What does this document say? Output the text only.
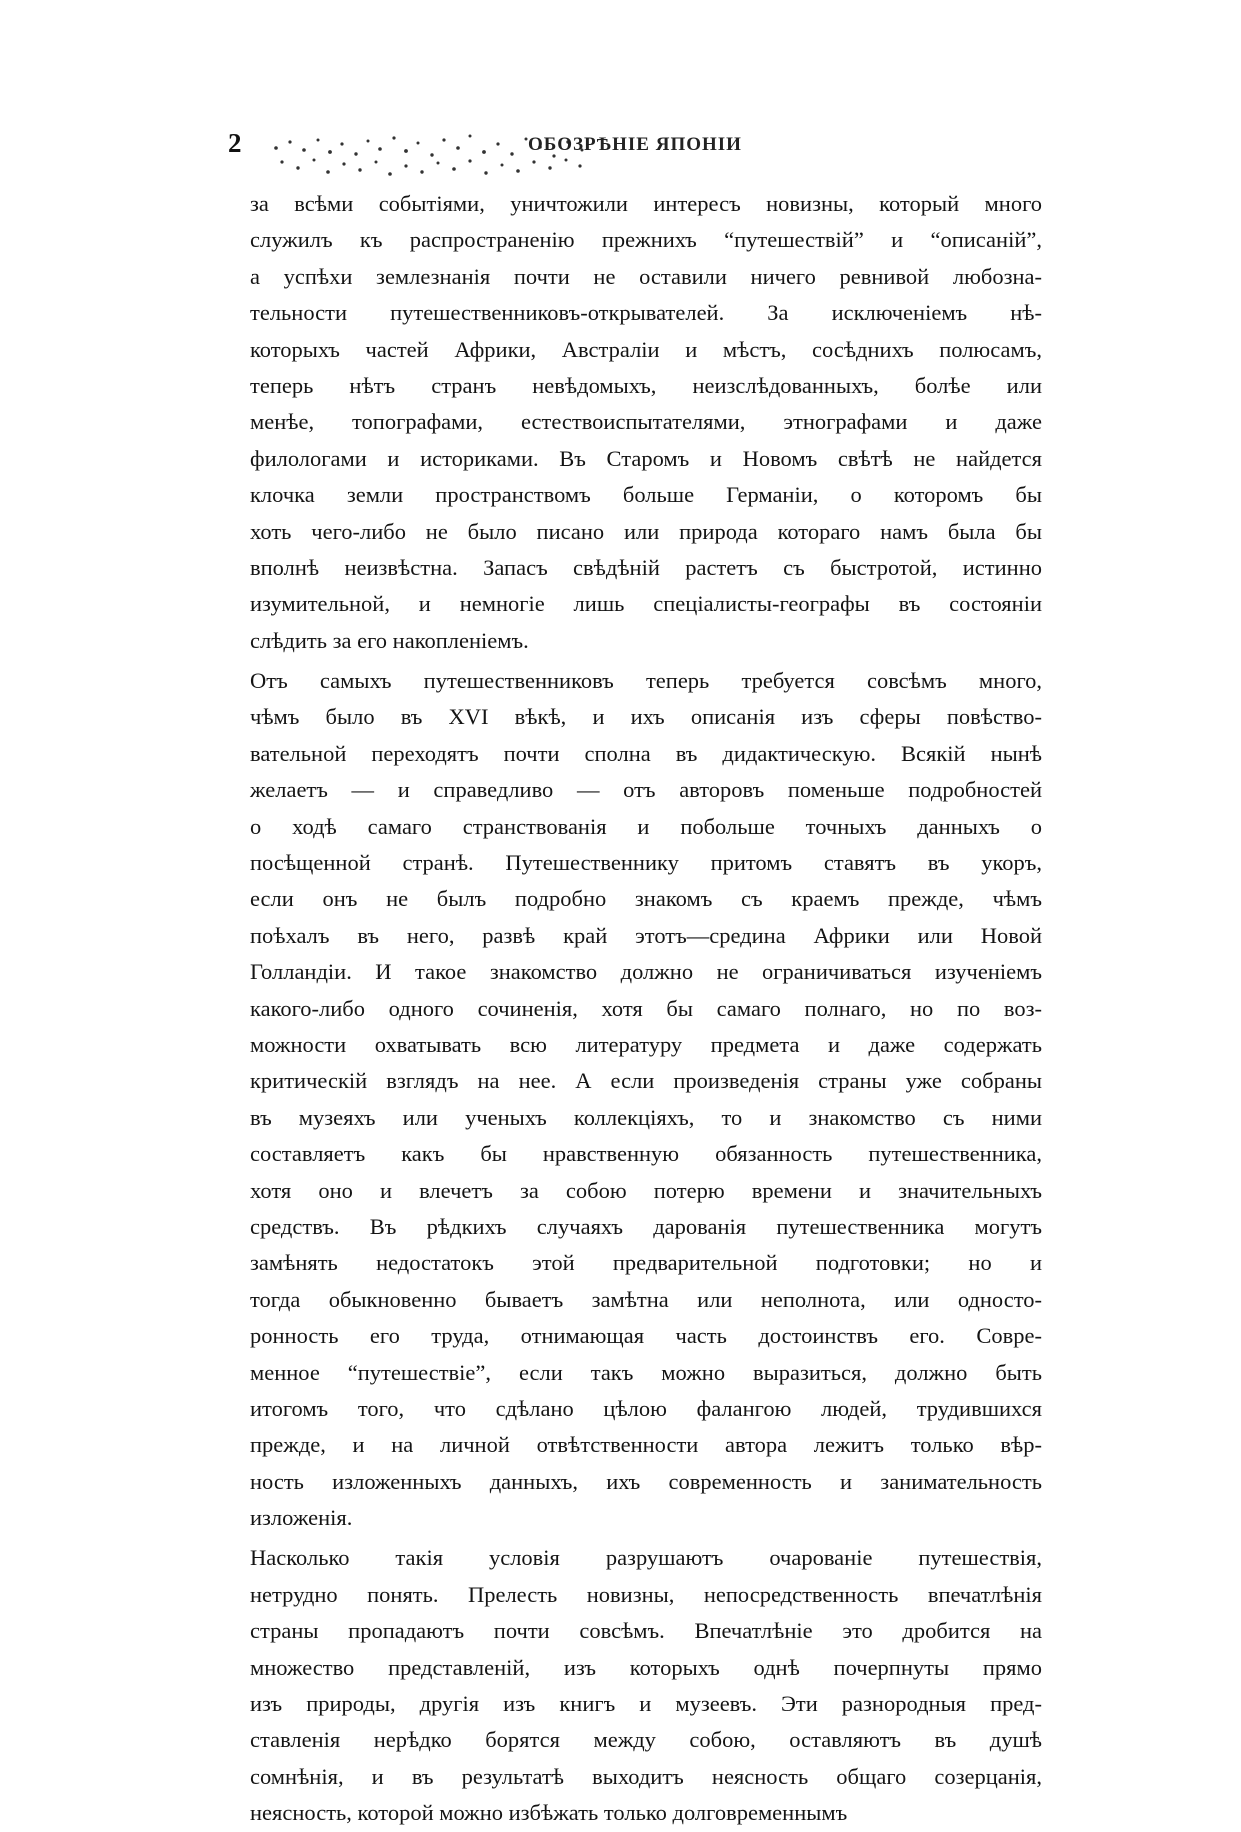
2	ОБОЗРѢНІЕ ЯПОНІИ

за всѣми событіями, уничтожили интересъ новизны, который много
служилъ къ распространенію прежнихъ “путешествій” и “описаній”,
а успѣхи землезнанія почти не оставили ничего ревнивой любозна-
тельности путешественниковъ-открывателей. За исключеніемъ нѣ-
которыхъ частей Африки, Австраліи и мѣстъ, сосѣднихъ полюсамъ,
теперь нѣтъ странъ невѣдомыхъ, неизслѣдованныхъ, болѣе или
менѣе, топографами, естествоиспытателями, этнографами и даже
филологами и историками. Въ Старомъ и Новомъ свѣтѣ не найдется
клочка земли пространствомъ больше Германіи, о которомъ бы
хоть чего-либо не было писано или природа котораго намъ была бы
вполнѣ неизвѣстна. Запасъ свѣдѣній растетъ съ быстротой, истинно
изумительной, и немногіе лишь спеціалисты-географы въ состояніи
слѣдить за его накопленіемъ.

Отъ самыхъ путешественниковъ теперь требуется совсѣмъ много,
чѣмъ было въ XVI вѣкѣ, и ихъ описанія изъ сферы повѣство-
вательной переходятъ почти сполна въ дидактическую. Всякій нынѣ
желаетъ — и справедливо — отъ авторовъ поменьше подробностей
о ходѣ самаго странствованія и побольше точныхъ данныхъ о
посѣщенной странѣ. Путешественнику притомъ ставятъ въ укоръ,
если онъ не былъ подробно знакомъ съ краемъ прежде, чѣмъ
поѣхалъ въ него, развѣ край этотъ—средина Африки или Новой
Голландіи. И такое знакомство должно не ограничиваться изученіемъ
какого-либо одного сочиненія, хотя бы самаго полнаго, но по воз-
можности охватывать всю литературу предмета и даже содержать
критическій взглядъ на нее. А если произведенія страны уже собраны
въ музеяхъ или ученыхъ коллекціяхъ, то и знакомство съ ними
составляетъ какъ бы нравственную обязанность путешественника,
хотя оно и влечетъ за собою потерю времени и значительныхъ
средствъ. Въ рѣдкихъ случаяхъ дарованія путешественника могутъ
замѣнять недостатокъ этой предварительной подготовки; но и
тогда обыкновенно бываетъ замѣтна или неполнота, или односто-
ронность его труда, отнимающая часть достоинствъ его. Совре-
менное “путешествіе”, если такъ можно выразиться, должно быть
итогомъ того, что сдѣлано цѣлою фалангою людей, трудившихся
прежде, и на личной отвѣтственности автора лежитъ только вѣр-
ность изложенныхъ данныхъ, ихъ современность и занимательность
изложенія.

Насколько такія условія разрушаютъ очарованіе путешествія,
нетрудно понять. Прелесть новизны, непосредственность впечатлѣнія
страны пропадаютъ почти совсѣмъ. Впечатлѣніе это дробится на
множество представленій, изъ которыхъ однѣ почерпнуты прямо
изъ природы, другія изъ книгъ и музеевъ. Эти разнородныя пред-
ставленія нерѣдко борятся между собою, оставляютъ въ душѣ
сомнѣнія, и въ результатѣ выходитъ неясность общаго созерцанія,
неясность, которой можно избѣжать только долговременнымъ
